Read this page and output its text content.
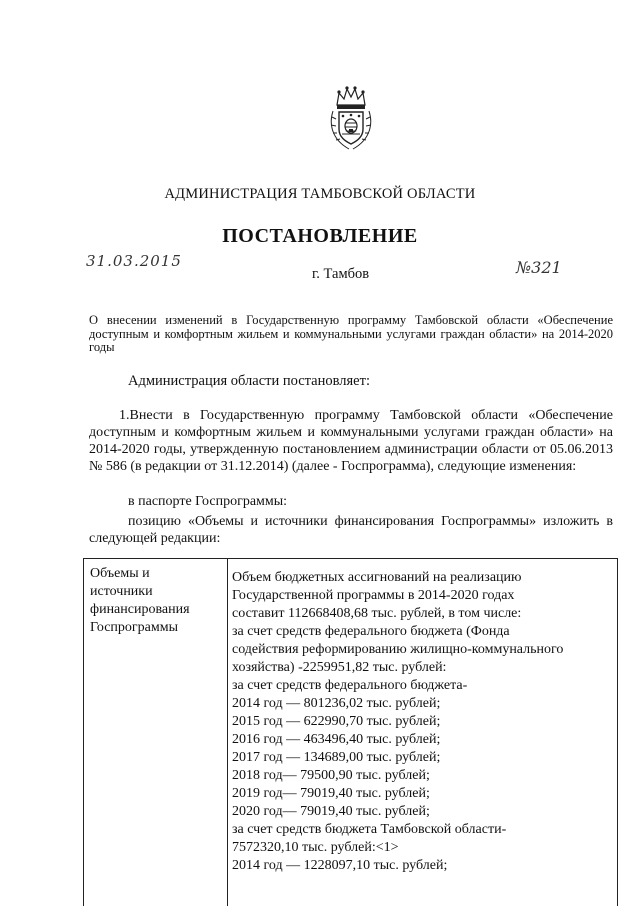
АДМИНИСТРАЦИЯ ТАМБОВСКОЙ ОБЛАСТИ
ПОСТАНОВЛЕНИЕ
31.03.2015
г. Тамбов	№321
О внесении изменений в Государственную программу Тамбовской области «Обеспечение доступным и комфортным жильем и коммунальными услугами граждан области» на 2014-2020 годы
Администрация области постановляет:
1.Внести в Государственную программу Тамбовской области «Обеспечение доступным и комфортным жильем и коммунальными услугами граждан области» на 2014-2020 годы, утвержденную постановлением администрации области от 05.06.2013 № 586 (в редакции от 31.12.2014) (далее - Госпрограмма), следующие изменения:
в паспорте Госпрограммы:
позицию «Объемы и источники финансирования Госпрограммы» изложить в следующей редакции:
Объемы и
источники
финансирования
Госпрограммы
Объем бюджетных ассигнований на реализацию
Государственной программы в 2014-2020 годах
составит 112668408,68 тыс. рублей, в том числе:
за счет средств федерального бюджета (Фонда
содействия реформированию жилищно-коммунального
хозяйства) -2259951,82 тыс. рублей:
за счет средств федерального бюджета-
2014 год — 801236,02 тыс. рублей;
2015 год — 622990,70 тыс. рублей;
2016 год — 463496,40 тыс. рублей;
2017 год — 134689,00 тыс. рублей;
2018 год— 79500,90 тыс. рублей;
2019 год— 79019,40 тыс. рублей;
2020 год— 79019,40 тыс. рублей;
за счет средств бюджета Тамбовской области-
7572320,10 тыс. рублей:<1>
2014 год — 1228097,10 тыс. рублей;
